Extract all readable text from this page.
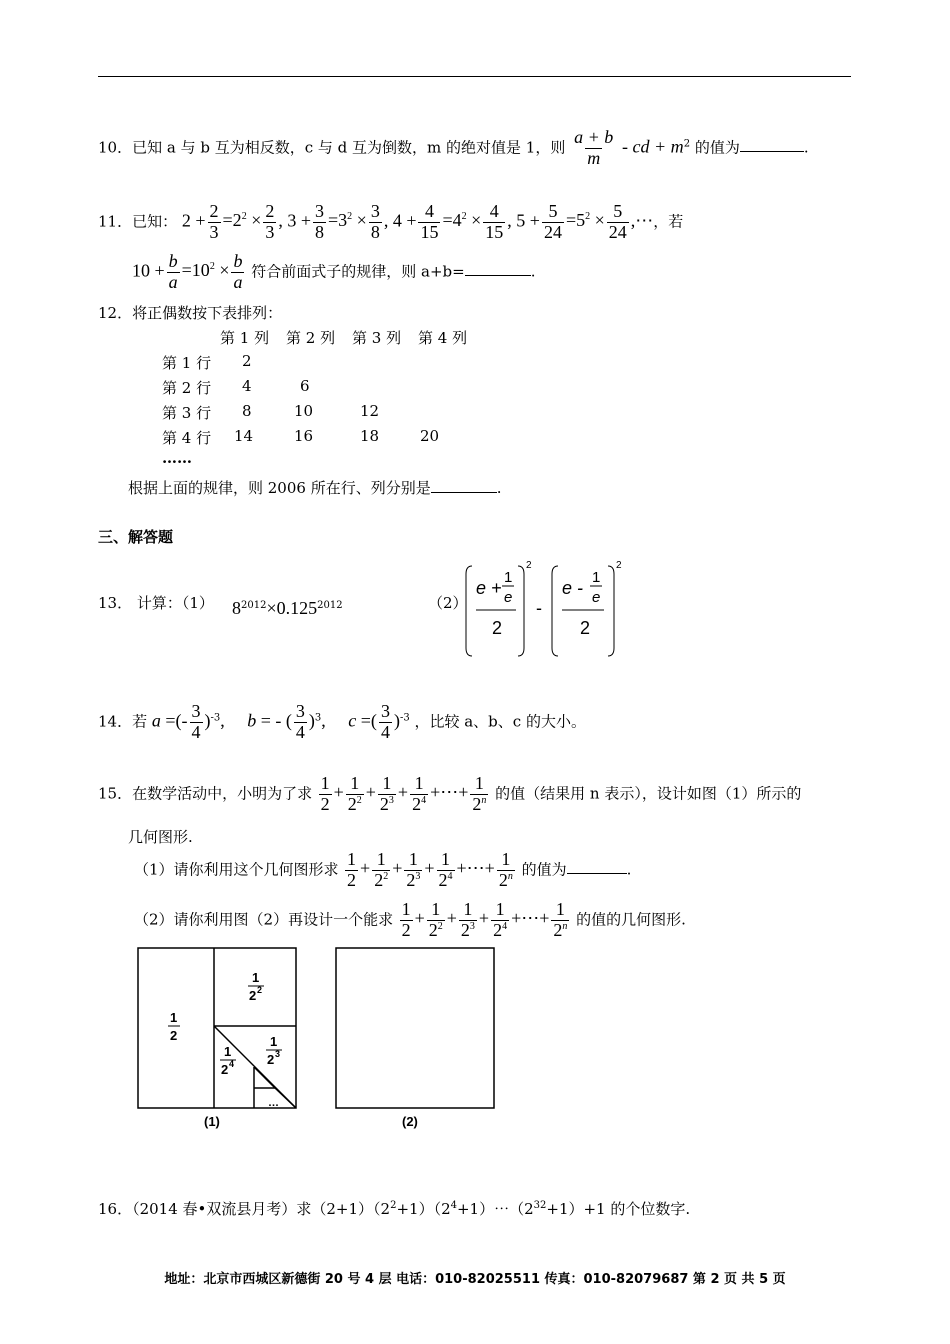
10．已知 a 与 b 互为相反数，c 与 d 互为倒数，m 的绝对值是 1，则 $\frac{a + b}{m}$ - cd + $m^2$ 的值为	.
11．已知： $2 + \frac{2}{3} =2^2 \times \frac{2}{3}$ , $3 + \frac{3}{8} =3^2 \times \frac{3}{8}$ , $4 + \frac{4}{15} =4^2 \times \frac{4}{15}$ , $5 + \frac{5}{24} =5^2 \times \frac{5}{24}$ ,⋯，若
$10 + \frac{b}{a} =10^2 \times \frac{b}{a}$ 符合前面式子的规律，则 a+b=	.
12．将正偶数按下表排列：
第 1 列 第 2 列 第 3 列 第 4 列
第 1 行 2
第 2 行 4	6
第 3 行 8	10	12
第 4 行 14	16	18	20
……
根据上面的规律，则 2006 所在行、列分别是	.
三、解答题
13． 计算：（1） $8^{2012}\times 0.125^{2012}$	（2）
e +
1
e
2
2
-
e -
1
e
2
2
14．若 a =(- $\frac{3}{4} )^{-3}$,     b = - ( $\frac{3}{4} )^3$,     c =( $\frac{3}{4} )^{-3}$ ，比较 a、b、c 的大小。
15．在数学活动中，小明为了求 $\frac{1}{2} + \frac{1}{2^2} + \frac{1}{2^3} + \frac{1}{2^4}$ +⋯+ $\frac{1}{2^n}$ 的值（结果用 n 表示），设计如图（1）所示的
几何图形.
（1）请你利用这个几何图形求 $\frac{1}{2} + \frac{1}{2^2} + \frac{1}{2^3} + \frac{1}{2^4}$ +⋯+ $\frac{1}{2^n}$ 的值为	.
（2）请你利用图（2）再设计一个能求 $\frac{1}{2} + \frac{1}{2^2} + \frac{1}{2^3} + \frac{1}{2^4}$ +⋯+ $\frac{1}{2^n}$ 的值的几何图形.
1
2
1
2 2
1
2 3
1
2 4
…
(1)	(2)
16．（2014 春•双流县月考）求$(2+1)(2^2+1)(2^4+1)\cdots(2^{32}+1)+1$ 的个位数字.
地址：北京市西城区新德街 20 号 4 层 电话：010-82025511 传真：010-82079687 第 2 页 共 5 页
